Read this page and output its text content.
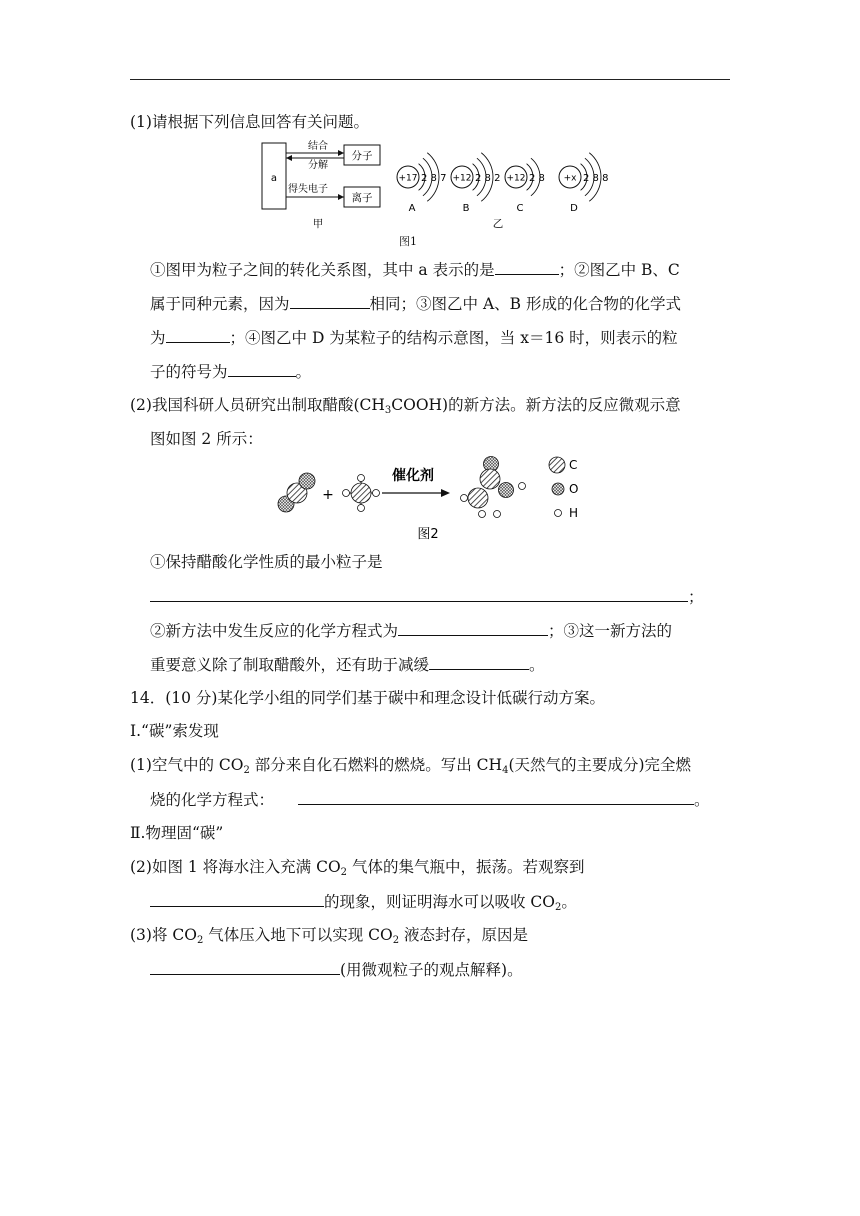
(1)请根据下列信息回答有关问题。
a
结合
分解
得失电子
分子
离子
甲
+17 2 8 7
A
+12 2 8 2
B
+12 2 8
C
+x 2 8 8
D
乙
图1
①图甲为粒子之间的转化关系图，其中 a 表示的是	；②图乙中 B、C
属于同种元素，因为	相同；③图乙中 A、B 形成的化合物的化学式
为	；④图乙中 D 为某粒子的结构示意图，当 x＝16 时，则表示的粒
子的符号为	。
(2)我国科研人员研究出制取醋酸$(CH_3COOH)$的新方法。新方法的反应微观示意
图如图 2 所示：
+
催化剂
C
O
H
图2
①保持醋酸化学性质的最小粒子是
；
②新方法中发生反应的化学方程式为	；③这一新方法的
重要意义除了制取醋酸外，还有助于减缓	。
14．(10 分)某化学小组的同学们基于碳中和理念设计低碳行动方案。
Ⅰ.“碳”索发现
(1)空气中的 $CO_2$ 部分来自化石燃料的燃烧。写出 $CH_4$(天然气的主要成分)完全燃
烧的化学方程式：	。
Ⅱ.物理固“碳”
(2)如图 1 将海水注入充满 $CO_2$ 气体的集气瓶中，振荡。若观察到
的现象，则证明海水可以吸收 $CO_2$。
(3)将 $CO_2$ 气体压入地下可以实现 $CO_2$ 液态封存，原因是
(用微观粒子的观点解释)。
